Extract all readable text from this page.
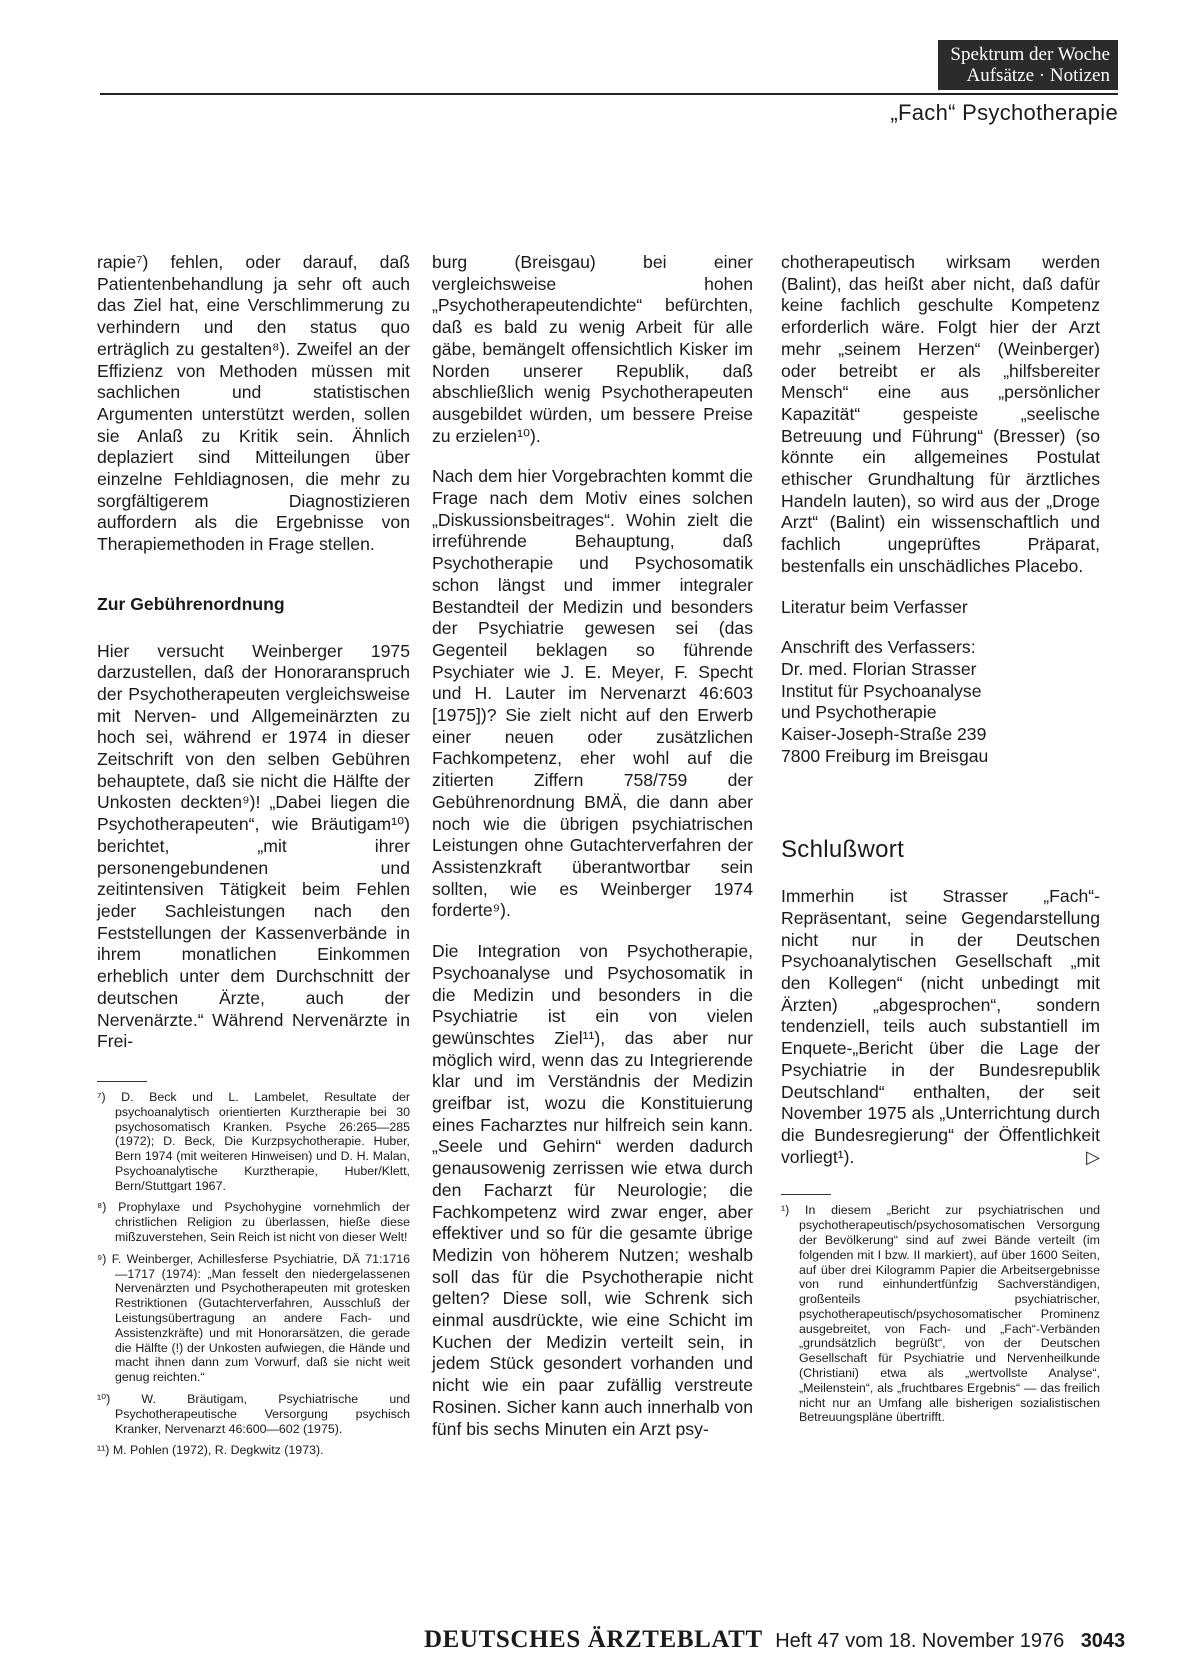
Spektrum der Woche
Aufsätze · Notizen
„Fach“ Psychotherapie

rapie⁷) fehlen, oder darauf, daß Patientenbehandlung ja sehr oft auch das Ziel hat, eine Verschlimmerung zu verhindern und den status quo erträglich zu gestalten⁸). Zweifel an der Effizienz von Methoden müssen mit sachlichen und statistischen Argumenten unterstützt werden, sollen sie Anlaß zu Kritik sein. Ähnlich deplaziert sind Mitteilungen über einzelne Fehldiagnosen, die mehr zu sorgfältigerem Diagnostizieren auffordern als die Ergebnisse von Therapiemethoden in Frage stellen.

Zur Gebührenordnung

Hier versucht Weinberger 1975 darzustellen, daß der Honoraranspruch der Psychotherapeuten vergleichsweise mit Nerven- und Allgemeinärzten zu hoch sei, während er 1974 in dieser Zeitschrift von den selben Gebühren behauptete, daß sie nicht die Hälfte der Unkosten deckten⁹)! „Dabei liegen die Psychotherapeuten“, wie Bräutigam¹⁰) berichtet, „mit ihrer personengebundenen und zeitintensiven Tätigkeit beim Fehlen jeder Sachleistungen nach den Feststellungen der Kassenverbände in ihrem monatlichen Einkommen erheblich unter dem Durchschnitt der deutschen Ärzte, auch der Nervenärzte.“ Während Nervenärzte in Frei-

⁷) D. Beck und L. Lambelet, Resultate der psychoanalytisch orientierten Kurztherapie bei 30 psychosomatisch Kranken. Psyche 26:265—285 (1972); D. Beck, Die Kurzpsychotherapie. Huber, Bern 1974 (mit weiteren Hinweisen) und D. H. Malan, Psychoanalytische Kurztherapie, Huber/Klett, Bern/Stuttgart 1967.

⁸) Prophylaxe und Psychohygine vornehmlich der christlichen Religion zu überlassen, hieße diese mißzuverstehen, Sein Reich ist nicht von dieser Welt!

⁹) F. Weinberger, Achillesferse Psychiatrie, DÄ 71:1716—1717 (1974): „Man fesselt den niedergelassenen Nervenärzten und Psychotherapeuten mit grotesken Restriktionen (Gutachterverfahren, Ausschluß der Leistungsübertragung an andere Fach- und Assistenzkräfte) und mit Honorarsätzen, die gerade die Hälfte (!) der Unkosten aufwiegen, die Hände und macht ihnen dann zum Vorwurf, daß sie nicht weit genug reichten.“

¹⁰) W. Bräutigam, Psychiatrische und Psychotherapeutische Versorgung psychisch Kranker, Nervenarzt 46:600—602 (1975).

¹¹) M. Pohlen (1972), R. Degkwitz (1973).

burg (Breisgau) bei einer vergleichsweise hohen „Psychotherapeutendichte“ befürchten, daß es bald zu wenig Arbeit für alle gäbe, bemängelt offensichtlich Kisker im Norden unserer Republik, daß abschließlich wenig Psychotherapeuten ausgebildet würden, um bessere Preise zu erzielen¹⁰).

Nach dem hier Vorgebrachten kommt die Frage nach dem Motiv eines solchen „Diskussionsbeitrages“. Wohin zielt die irreführende Behauptung, daß Psychotherapie und Psychosomatik schon längst und immer integraler Bestandteil der Medizin und besonders der Psychiatrie gewesen sei (das Gegenteil beklagen so führende Psychiater wie J. E. Meyer, F. Specht und H. Lauter im Nervenarzt 46:603 [1975])? Sie zielt nicht auf den Erwerb einer neuen oder zusätzlichen Fachkompetenz, eher wohl auf die zitierten Ziffern 758/759 der Gebührenordnung BMÄ, die dann aber noch wie die übrigen psychiatrischen Leistungen ohne Gutachterverfahren der Assistenzkraft überantwortbar sein sollten, wie es Weinberger 1974 forderte⁹).

Die Integration von Psychotherapie, Psychoanalyse und Psychosomatik in die Medizin und besonders in die Psychiatrie ist ein von vielen gewünschtes Ziel¹¹), das aber nur möglich wird, wenn das zu Integrierende klar und im Verständnis der Medizin greifbar ist, wozu die Konstituierung eines Facharztes nur hilfreich sein kann. „Seele und Gehirn“ werden dadurch genausowenig zerrissen wie etwa durch den Facharzt für Neurologie; die Fachkompetenz wird zwar enger, aber effektiver und so für die gesamte übrige Medizin von höherem Nutzen; weshalb soll das für die Psychotherapie nicht gelten? Diese soll, wie Schrenk sich einmal ausdrückte, wie eine Schicht im Kuchen der Medizin verteilt sein, in jedem Stück gesondert vorhanden und nicht wie ein paar zufällig verstreute Rosinen. Sicher kann auch innerhalb von fünf bis sechs Minuten ein Arzt psy-

chotherapeutisch wirksam werden (Balint), das heißt aber nicht, daß dafür keine fachlich geschulte Kompetenz erforderlich wäre. Folgt hier der Arzt mehr „seinem Herzen“ (Weinberger) oder betreibt er als „hilfsbereiter Mensch“ eine aus „persönlicher Kapazität“ gespeiste „seelische Betreuung und Führung“ (Bresser) (so könnte ein allgemeines Postulat ethischer Grundhaltung für ärztliches Handeln lauten), so wird aus der „Droge Arzt“ (Balint) ein wissenschaftlich und fachlich ungeprüftes Präparat, bestenfalls ein unschädliches Placebo.

Literatur beim Verfasser

Anschrift des Verfassers:
Dr. med. Florian Strasser
Institut für Psychoanalyse
und Psychotherapie
Kaiser-Joseph-Straße 239
7800 Freiburg im Breisgau

Schlußwort

Immerhin ist Strasser „Fach“-Repräsentant, seine Gegendarstellung nicht nur in der Deutschen Psychoanalytischen Gesellschaft „mit den Kollegen“ (nicht unbedingt mit Ärzten) „abgesprochen“, sondern tendenziell, teils auch substantiell im Enquete-„Bericht über die Lage der Psychiatrie in der Bundesrepublik Deutschland“ enthalten, der seit November 1975 als „Unterrichtung durch die Bundesregierung“ der Öffentlichkeit vorliegt¹).	▷

¹) In diesem „Bericht zur psychiatrischen und psychotherapeutisch/psychosomatischen Versorgung der Bevölkerung“ sind auf zwei Bände verteilt (im folgenden mit I bzw. II markiert), auf über 1600 Seiten, auf über drei Kilogramm Papier die Arbeitsergebnisse von rund einhundertfünfzig Sachverständigen, großenteils psychiatrischer, psychotherapeutisch/psychosomatischer Prominenz ausgebreitet, von Fach- und „Fach“-Verbänden „grundsätzlich begrüßt“, von der Deutschen Gesellschaft für Psychiatrie und Nervenheilkunde (Christiani) etwa als „wertvollste Analyse“, „Meilenstein“, als „fruchtbares Ergebnis“ — das freilich nicht nur an Umfang alle bisherigen sozialistischen Betreuungspläne übertrifft.

DEUTSCHES ÄRZTEBLATT Heft 47 vom 18. November 1976 3043
